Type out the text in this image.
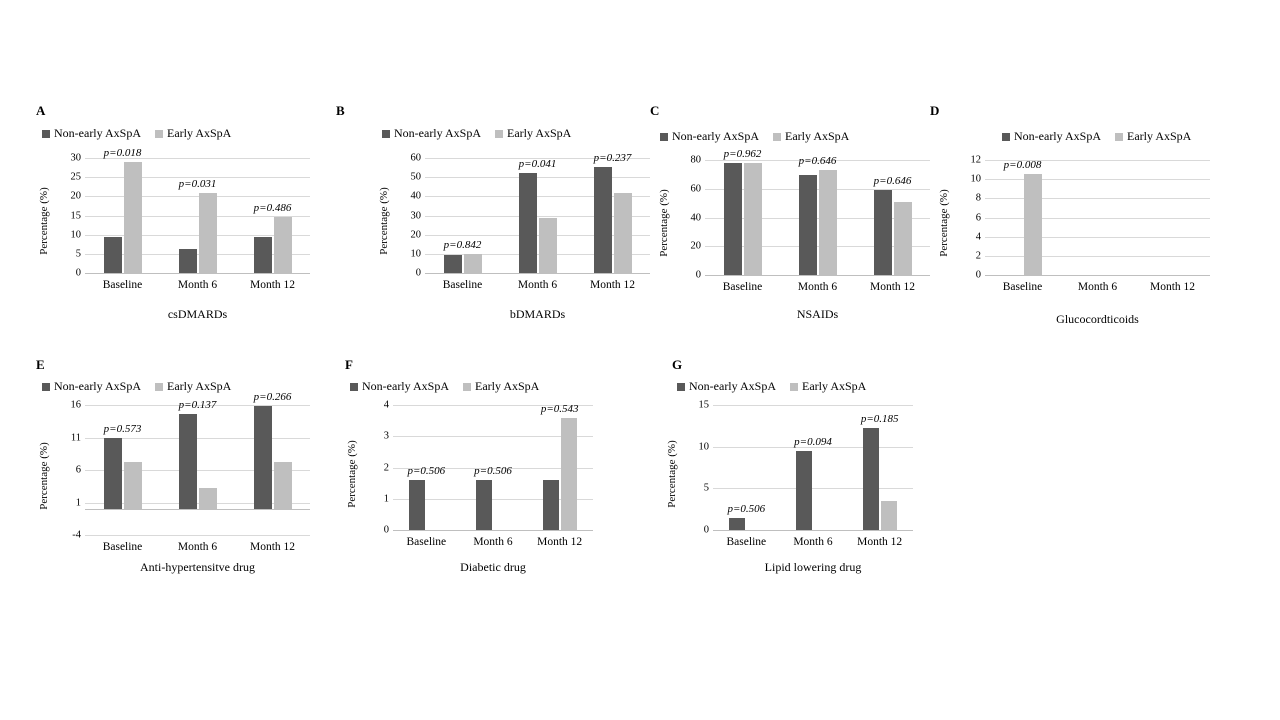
A
Non-early AxSpA Early AxSpA
0
5
10
15
20
25
30
Percentage (%)
Baseline
p=0.018
Month 6
p=0.031
Month 12
p=0.486
csDMARDs
B
Non-early AxSpA Early AxSpA
0
10
20
30
40
50
60
Percentage (%)
Baseline
p=0.842
Month 6
p=0.041
Month 12
p=0.237
bDMARDs
C
Non-early AxSpA Early AxSpA
0
20
40
60
80
Percentage (%)
Baseline
p=0.962
Month 6
p=0.646
Month 12
p=0.646
NSAIDs
D
Non-early AxSpA Early AxSpA
0
2
4
6
8
10
12
Percentage (%)
Baseline
p=0.008
Month 6	Month 12
Glucocordticoids
E
Non-early AxSpA Early AxSpA
-4
1
6
11
16
Percentage (%)
Baseline
p=0.573
Month 6
p=0.137
Month 12
p=0.266
Anti-hypertensitve drug
F
Non-early AxSpA Early AxSpA
0
1
2
3
4
Percentage (%)
Baseline
p=0.506
Month 6
p=0.506
Month 12
p=0.543
Diabetic drug
G
Non-early AxSpA Early AxSpA
0
5
10
15
Percentage (%)
Baseline
p=0.506
Month 6
p=0.094
Month 12
p=0.185
Lipid lowering drug
